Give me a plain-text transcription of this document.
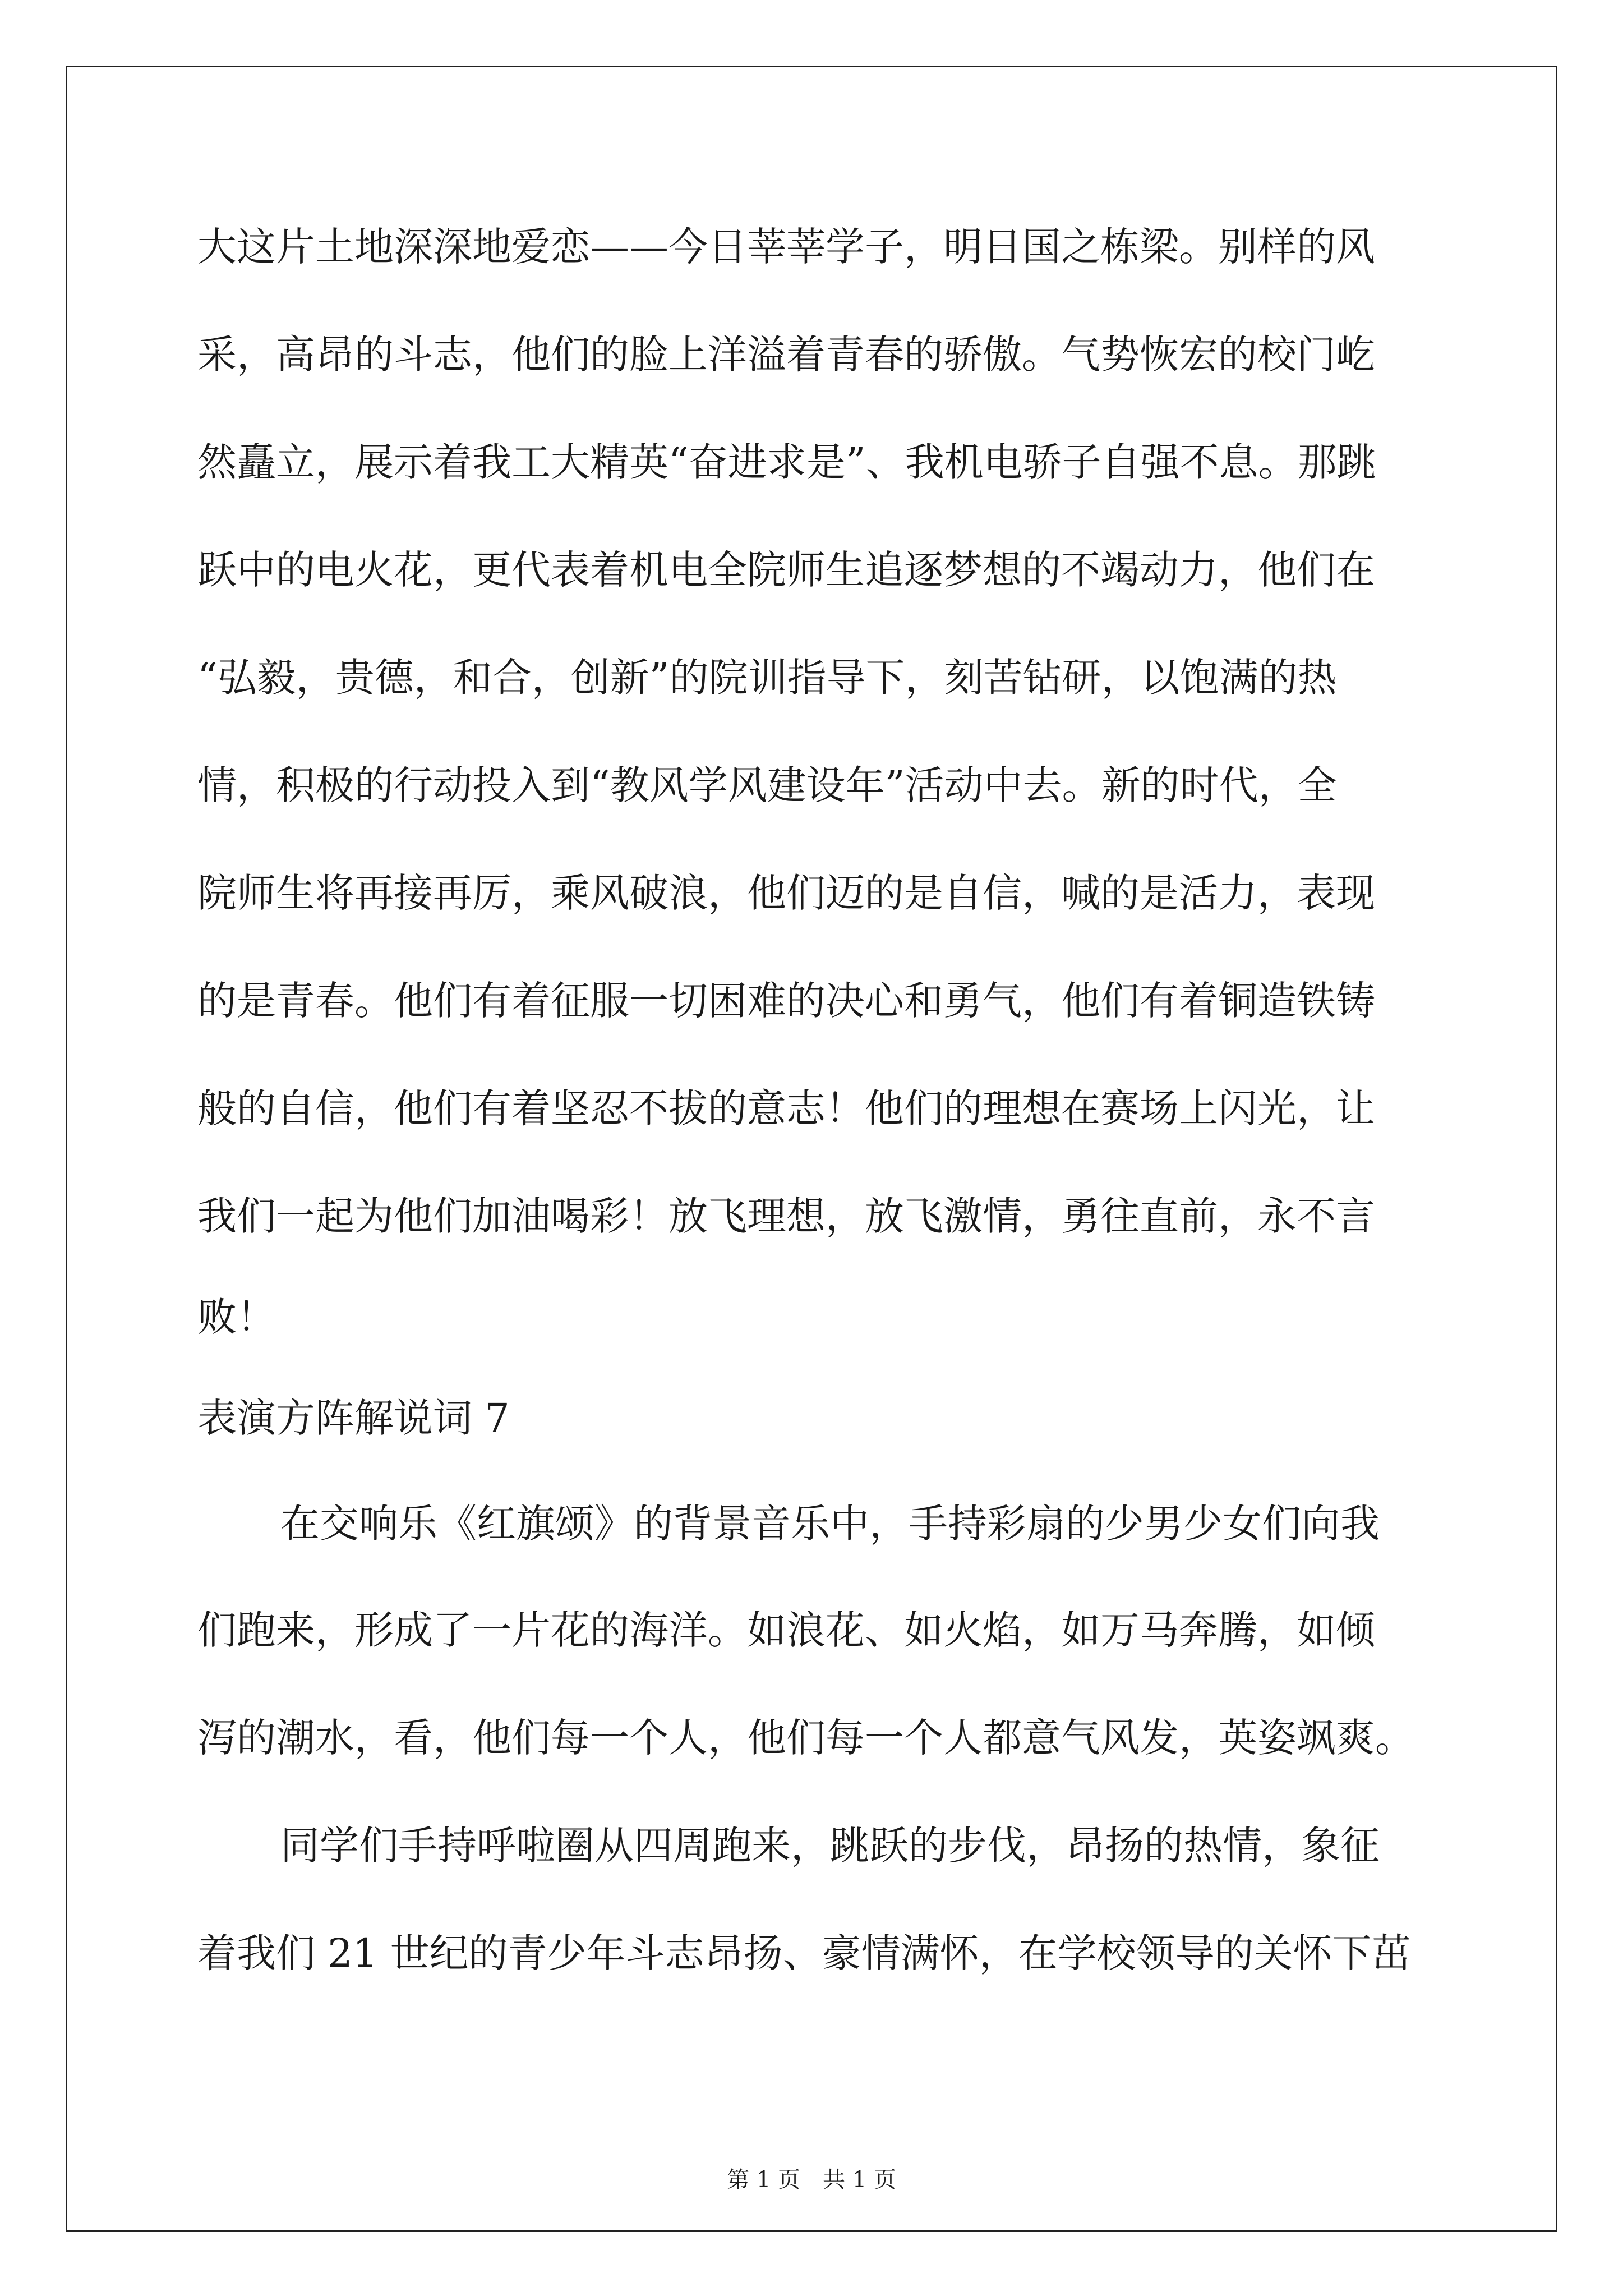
大这片土地深深地爱恋——今日莘莘学子，明日国之栋梁。别样的风
采，高昂的斗志，他们的脸上洋溢着青春的骄傲。气势恢宏的校门屹
然矗立，展示着我工大精英“奋进求是”、我机电骄子自强不息。那跳
跃中的电火花，更代表着机电全院师生追逐梦想的不竭动力，他们在
“弘毅，贵德，和合，创新”的院训指导下，刻苦钻研，以饱满的热
情，积极的行动投入到“教风学风建设年”活动中去。新的时代，全
院师生将再接再厉，乘风破浪，他们迈的是自信，喊的是活力，表现
的是青春。他们有着征服一切困难的决心和勇气，他们有着铜造铁铸
般的自信，他们有着坚忍不拔的意志！他们的理想在赛场上闪光，让
我们一起为他们加油喝彩！放飞理想，放飞激情，勇往直前，永不言
败！
表演方阵解说词 7
在交响乐《红旗颂》的背景音乐中，手持彩扇的少男少女们向我
们跑来，形成了一片花的海洋。如浪花、如火焰，如万马奔腾，如倾
泻的潮水，看，他们每一个人，他们每一个人都意气风发，英姿飒爽。
同学们手持呼啦圈从四周跑来，跳跃的步伐，昂扬的热情，象征
着我们 21 世纪的青少年斗志昂扬、豪情满怀，在学校领导的关怀下茁
第 1 页　共 1 页
